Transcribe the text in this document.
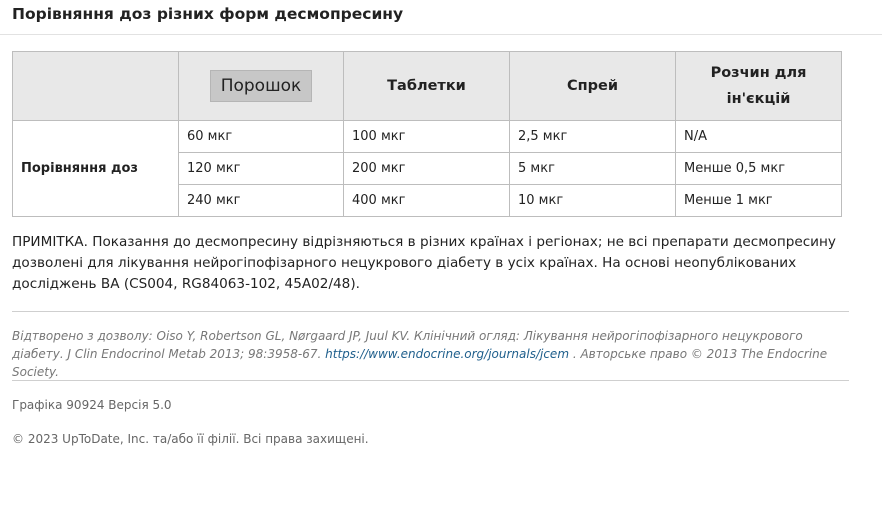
Порівняння доз різних форм десмопресину
	Порошок	Таблетки	Спрей	Розчин для ін'єкцій
Порівняння доз	60 мкг	100 мкг	2,5 мкг	N/A
	120 мкг	200 мкг	5 мкг	Менше 0,5 мкг
	240 мкг	400 мкг	10 мкг	Менше 1 мкг
ПРИМІТКА. Показання до десмопресину відрізняються в різних країнах і регіонах; не всі препарати десмопресину дозволені для лікування нейрогіпофізарного нецукрового діабету в усіх країнах. На основі неопублікованих досліджень BA (CS004, RG84063-102, 45A02/48).
Відтворено з дозволу: Oiso Y, Robertson GL, Nørgaard JP, Juul KV. Клінічний огляд: Лікування нейрогіпофізарного нецукрового діабету. J Clin Endocrinol Metab 2013; 98:3958-67. https://www.endocrine.org/journals/jcem . Авторське право © 2013 The Endocrine Society.
Графіка 90924 Версія 5.0
© 2023 UpToDate, Inc. та/або її філії. Всі права захищені.
